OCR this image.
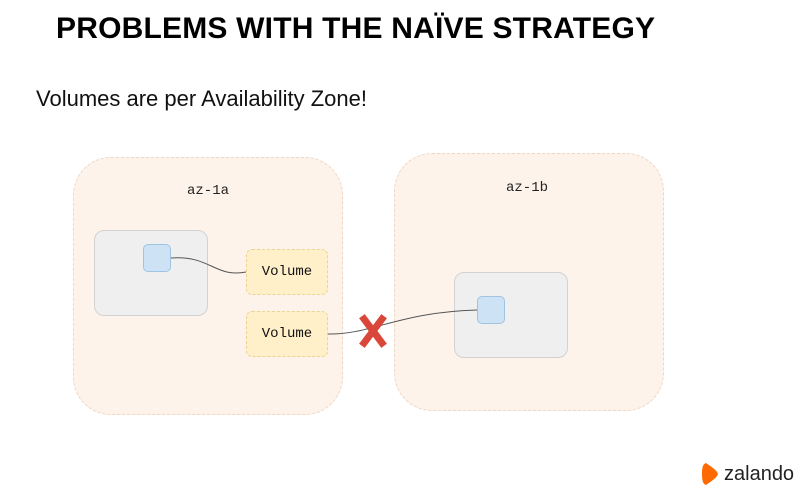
PROBLEMS WITH THE NAÏVE STRATEGY
Volumes are per Availability Zone!
az-1a	az-1b
Volume
Volume
zalando
